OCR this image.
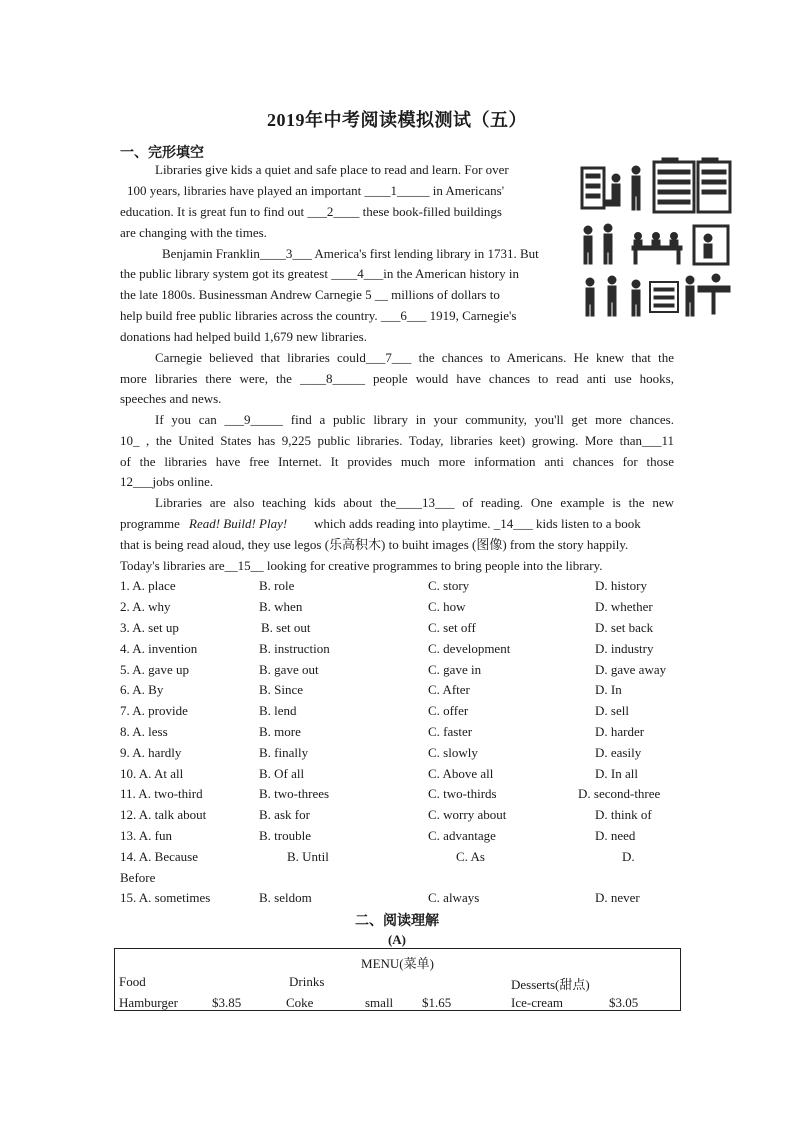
2019年中考阅读模拟测试（五）
一、完形填空
Libraries give kids a quiet and safe place to read and learn. For over
100 years, libraries have played an important ____1_____ in Americans'
education. It is great fun to find out ___2____ these book-filled buildings
are changing with the times.
Benjamin Franklin____3___ America's first lending library in 1731. But
the public library system got its greatest ____4___in the American history in
the late 1800s. Businessman Andrew Carnegie 5 __ millions of dollars to
help build free public libraries across the country. ___6___ 1919, Carnegie's
donations had helped build 1,679 new libraries.
Carnegie believed that libraries could___7___ the chances to Americans. He knew that the
more libraries there were, the ____8_____ people would have chances to read anti use hooks,
speeches and news.
If you can ___9_____ find a public library in your community, you'll get more chances.
10_ , the United States has 9,225 public libraries. Today, libraries keet) growing. More than___11
of the libraries have free Internet. It provides much more information anti chances for those
12___jobs online.
Libraries are also teaching kids about the____13___ of reading. One example is the new
programme Read! Build! Play! which adds reading into playtime. _14___ kids listen to a book
that is being read aloud, they use legos (乐高积木) to buiht images (图像) from the story happily.
Today's libraries are__15__ looking for creative programmes to bring people into the library.
1. A. place	B. role	C. story	D. history
2. A. why	B. when	C. how	D. whether
3. A. set up	B. set out	C. set off	D. set back
4. A. invention	B. instruction	C. development	D. industry
5. A. gave up	B. gave out	C. gave in	D. gave away
6. A. By	B. Since	C. After	D. In
7. A. provide	B. lend	C. offer	D. sell
8. A. less	B. more	C. faster	D. harder
9. A. hardly	B. finally	C. slowly	D. easily
10. A. At all	B. Of all	C. Above all	D. In all
11. A. two-third	B. two-threes	C. two-thirds	D. second-three
12. A. talk about	B. ask for	C. worry about	D. think of
13. A. fun	B. trouble	C. advantage	D. need
14. A. Because	B. Until	C. As	D.
Before
15. A. sometimes	B. seldom	C. always	D. never
二、阅读理解
(A)
MENU(菜单)
Food	Drinks	Desserts(甜点)
Hamburger	$3.85	Coke	small $1.65	Ice-cream	$3.05
